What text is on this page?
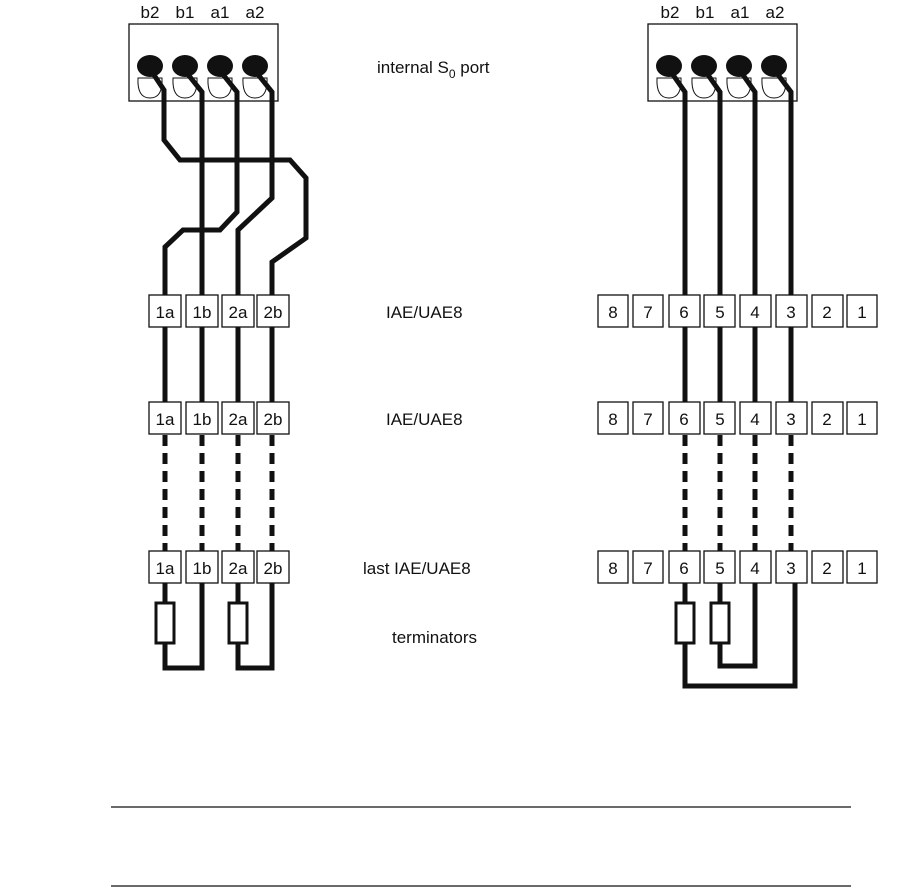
b2 b1 a1 a2
1a 1b 2a 2b
1a 1b 2a 2b
1a 1b 2a 2b
internal $S_0$ port
IAE/UAE8
IAE/UAE8
last IAE/UAE8
terminators
b2 b1 a1 a2
8 7 6 5 4 3 2 1
8 7 6 5 4 3 2 1
8 7 6 5 4 3 2 1
